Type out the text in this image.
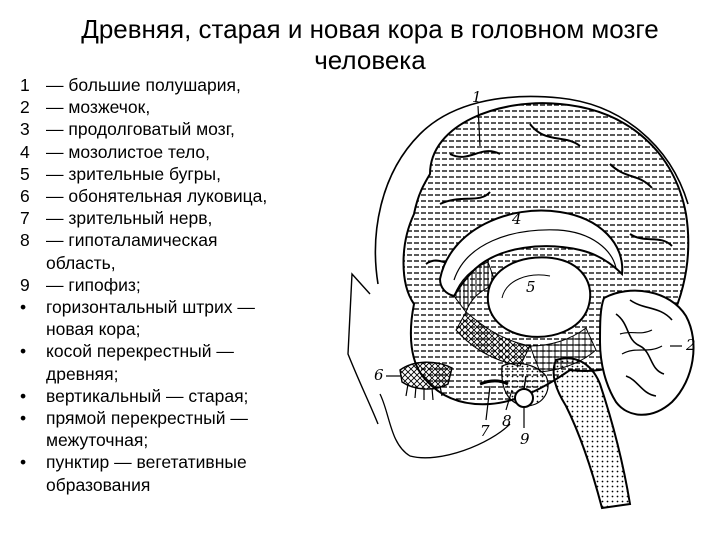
Древняя, старая и новая кора в головном мозге человека
1 — большие полушария,
2 — мозжечок,
3 — продолговатый мозг,
4 — мозолистое тело,
5 — зрительные бугры,
6 — обонятельная луковица,
7 — зрительный нерв,
8 — гипоталамическая область,
9 — гипофиз;
•	горизонтальный штрих — новая кора;
•	косой перекрестный — древняя;
•	вертикальный — старая;
•	прямой перекрестный — межуточная;
•	пунктир — вегетативные образования
1
2
4
5
6
7
8
9
